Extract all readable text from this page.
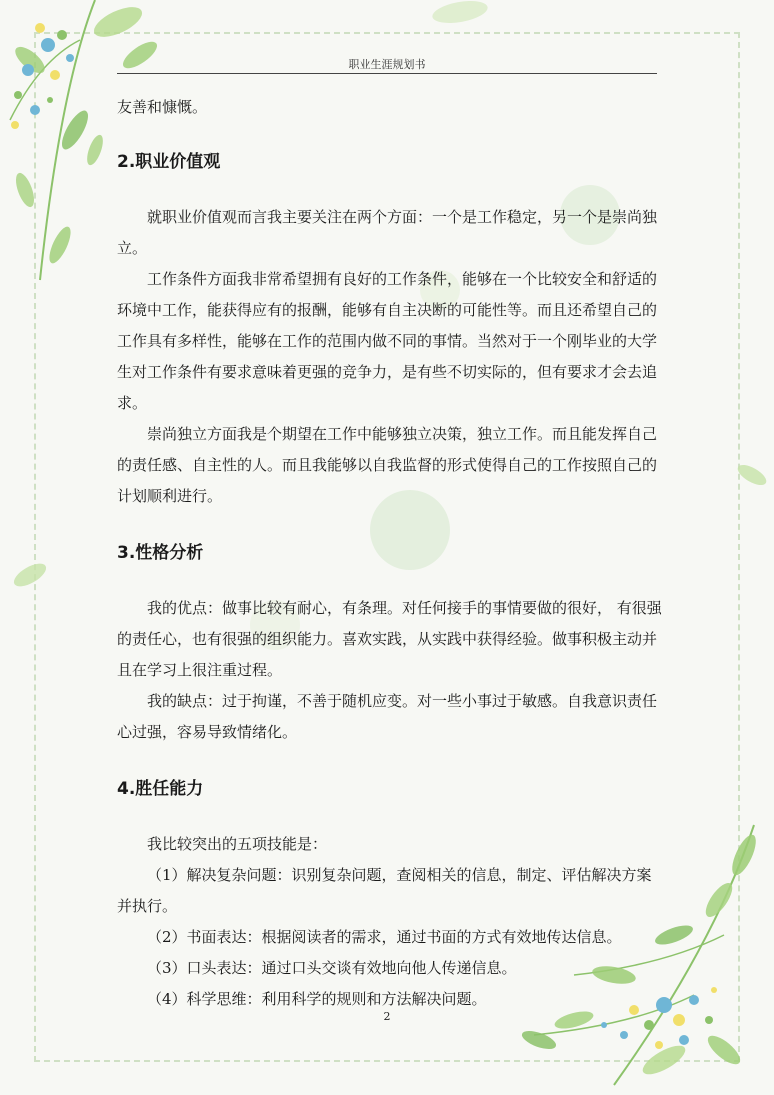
职业生涯规划书

友善和慷慨。

2.职业价值观

就职业价值观而言我主要关注在两个方面：一个是工作稳定，另一个是崇尚独立。

工作条件方面我非常希望拥有良好的工作条件，能够在一个比较安全和舒适的环境中工作，能获得应有的报酬，能够有自主决断的可能性等。而且还希望自己的工作具有多样性，能够在工作的范围内做不同的事情。当然对于一个刚毕业的大学生对工作条件有要求意味着更强的竞争力，是有些不切实际的，但有要求才会去追求。

崇尚独立方面我是个期望在工作中能够独立决策，独立工作。而且能发挥自己的责任感、自主性的人。而且我能够以自我监督的形式使得自己的工作按照自己的计划顺利进行。

3.性格分析

我的优点：做事比较有耐心，有条理。对任何接手的事情要做的很好， 有很强的责任心，也有很强的组织能力。喜欢实践，从实践中获得经验。做事积极主动并且在学习上很注重过程。

我的缺点：过于拘谨，不善于随机应变。对一些小事过于敏感。自我意识责任心过强，容易导致情绪化。

4.胜任能力

我比较突出的五项技能是：

（1）解决复杂问题：识别复杂问题，查阅相关的信息，制定、评估解决方案并执行。

（2）书面表达：根据阅读者的需求，通过书面的方式有效地传达信息。

（3）口头表达：通过口头交谈有效地向他人传递信息。

（4）科学思维：利用科学的规则和方法解决问题。

2
